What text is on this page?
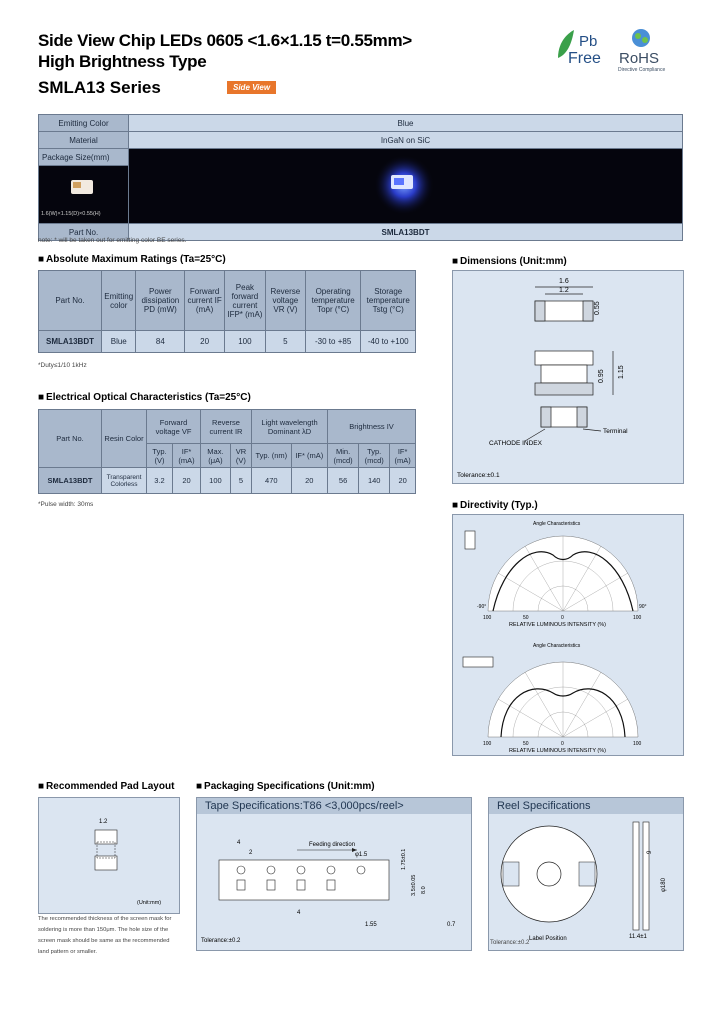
Side View Chip LEDs 0605 <1.6×1.15 t=0.55mm>
High Brightness Type
SMLA13 Series	Side View
Pb
Free RoHS
Directive Compliance
Emitting Color	Blue
Material	InGaN on SiC
Package Size(mm)	

1.6(W)×1.15(D)×0.55(H)	

Part No.	SMLA13BDT
note: * will be taken out for emitting color BE series.
■ Absolute Maximum Ratings (Ta=25°C)
Part No.	Emitting color	Power dissipation PD (mW)	Forward current IF (mA)	Peak forward current IFP* (mA)	Reverse voltage VR (V)	Operating temperature Topr (°C)	Storage temperature Tstg (°C)
SMLA13BDT	Blue	84	20	100	5	-30 to +85	-40 to +100
*Duty≤1/10 1kHz
■ Electrical Optical Characteristics (Ta=25°C)
Part No.	Resin Color	Forward voltage VF		Reverse current IR		Light wavelength Dominant λD		Brightness IV		
		Typ. (V)	IF* (mA)	Max. (μA)	VR (V)	Typ. (nm)	IF* (mA)	Min. (mcd)	Typ. (mcd)	IF* (mA)
SMLA13BDT	Transparent Colorless	3.2	20	100	5	470	20	56	140	20
*Pulse width: 30ms
■ Dimensions (Unit:mm)
1.6
1.2
0.55
1.15
0.95
CATHODE INDEX
Terminal
Tolerance:±0.1
■ Directivity (Typ.)
Angle Characteristics
100	50	0	100
-90°	90°
RELATIVE LUMINOUS INTENSITY (%)
Angle Characteristics
100	50	0	100
RELATIVE LUMINOUS INTENSITY (%)
■ Recommended Pad Layout
1.2
(Unit:mm)
The recommended thickness of the screen mask for soldering is more than 150μm. The hole size of the screen mask should be same as the recommended land pattern or smaller.
■ Packaging Specifications (Unit:mm)
Tape Specifications:T86 <3,000pcs/reel>
Feeding direction
4
2	1.75±0.1
3.5±0.05 8.0
1.55	0.7
4
φ1.5
Tolerance:±0.2
Reel Specifications
Label Position
φ180
11.4±1
9
Tolerance:±0.2
